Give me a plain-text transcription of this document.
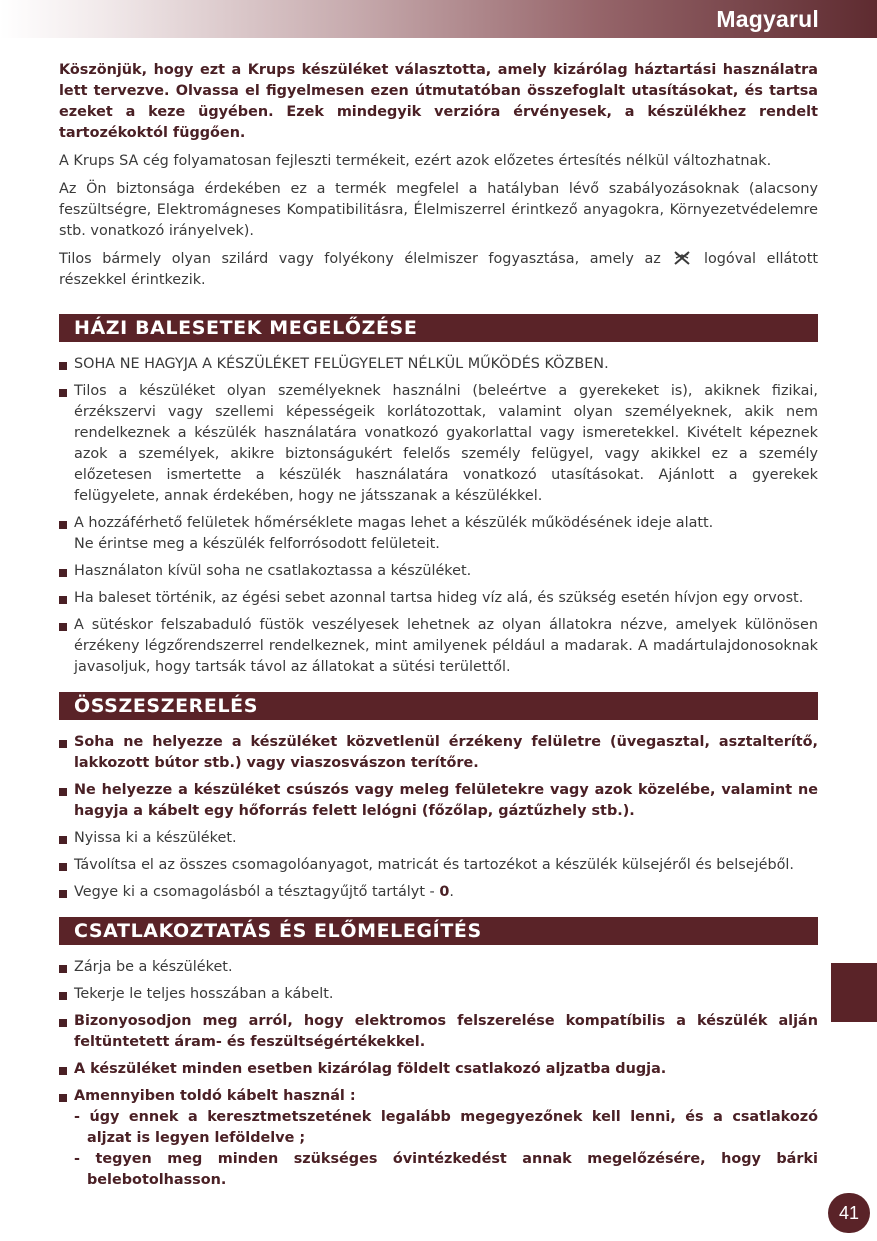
Magyarul

Köszönjük, hogy ezt a Krups készüléket választotta, amely kizárólag háztartási használatra lett tervezve. Olvassa el figyelmesen ezen útmutatóban összefoglalt utasításokat, és tartsa ezeket a keze ügyében. Ezek mindegyik verzióra érvényesek, a készülékhez rendelt tartozékoktól függően.

A Krups SA cég folyamatosan fejleszti termékeit, ezért azok előzetes értesítés nélkül változhatnak.

Az Ön biztonsága érdekében ez a termék megfelel a hatályban lévő szabályozásoknak (alacsony feszültségre, Elektromágneses Kompatibilitásra, Élelmiszerrel érintkező anyagokra, Környezetvédelemre stb. vonatkozó irányelvek).

Tilos bármely olyan szilárd vagy folyékony élelmiszer fogyasztása, amely az	logóval ellátott részekkel érintkezik.

HÁZI BALESETEK MEGELŐZÉSE
SOHA NE HAGYJA A KÉSZÜLÉKET FELÜGYELET NÉLKÜL MŰKÖDÉS KÖZBEN.
Tilos a készüléket olyan személyeknek használni (beleértve a gyerekeket is), akiknek fizikai, érzékszervi vagy szellemi képességeik korlátozottak, valamint olyan személyeknek, akik nem rendelkeznek a készülék használatára vonatkozó gyakorlattal vagy ismeretekkel. Kivételt képeznek azok a személyek, akikre biztonságukért felelős személy felügyel, vagy akikkel ez a személy előzetesen ismertette a készülék használatára vonatkozó utasításokat. Ajánlott a gyerekek felügyelete, annak érdekében, hogy ne játsszanak a készülékkel.
A hozzáférhető felületek hőmérséklete magas lehet a készülék működésének ideje alatt.
Ne érintse meg a készülék felforrósodott felületeit.
Használaton kívül soha ne csatlakoztassa a készüléket.
Ha baleset történik, az égési sebet azonnal tartsa hideg víz alá, és szükség esetén hívjon egy orvost.
A sütéskor felszabaduló füstök veszélyesek lehetnek az olyan állatokra nézve, amelyek különösen érzékeny légzőrendszerrel rendelkeznek, mint amilyenek például a madarak. A madártulajdonosoknak javasoljuk, hogy tartsák távol az állatokat a sütési területtől.
ÖSSZESZERELÉS
Soha ne helyezze a készüléket közvetlenül érzékeny felületre (üvegasztal, asztalterítő, lakkozott bútor stb.) vagy viaszosvászon terítőre.
Ne helyezze a készüléket csúszós vagy meleg felületekre vagy azok közelébe, valamint ne hagyja a kábelt egy hőforrás felett lelógni (főzőlap, gáztűzhely stb.).
Nyissa ki a készüléket.
Távolítsa el az összes csomagolóanyagot, matricát és tartozékot a készülék külsejéről és belsejéből.
Vegye ki a csomagolásból a tésztagyűjtő tartályt - 0.
CSATLAKOZTATÁS ÉS ELŐMELEGÍTÉS
Zárja be a készüléket.
Tekerje le teljes hosszában a kábelt.
Bizonyosodjon meg arról, hogy elektromos felszerelése kompatíbilis a készülék alján feltüntetett áram- és feszültségértékekkel.
A készüléket minden esetben kizárólag földelt csatlakozó aljzatba dugja.
Amennyiben toldó kábelt használ :
- úgy ennek a keresztmetszetének legalább megegyezőnek kell lenni, és a csatlakozó aljzat is legyen leföldelve ;
- tegyen meg minden szükséges óvintézkedést annak megelőzésére, hogy bárki belebotolhasson.
41
